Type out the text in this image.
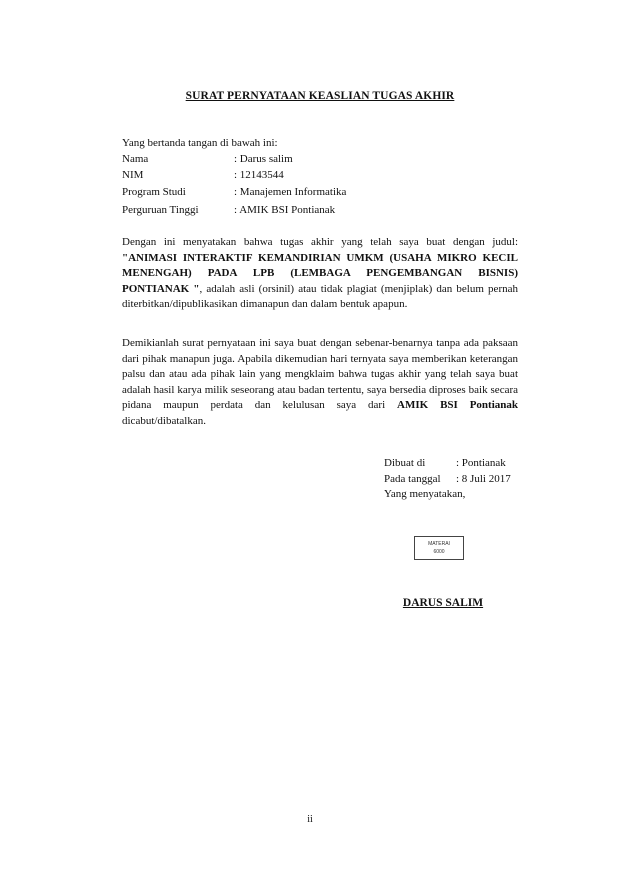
SURAT PERNYATAAN KEASLIAN TUGAS AKHIR
Yang bertanda tangan di bawah ini:
Nama	: Darus salim
NIM	: 12143544
Program Studi	: Manajemen Informatika
Perguruan Tinggi	: AMIK BSI Pontianak
Dengan ini menyatakan bahwa tugas akhir yang telah saya buat dengan judul: "ANIMASI INTERAKTIF KEMANDIRIAN UMKM (USAHA MIKRO KECIL MENENGAH) PADA LPB (LEMBAGA PENGEMBANGAN BISNIS) PONTIANAK ", adalah asli (orsinil) atau tidak plagiat (menjiplak) dan belum pernah diterbitkan/dipublikasikan dimanapun dan dalam bentuk apapun.
Demikianlah surat pernyataan ini saya buat dengan sebenar-benarnya tanpa ada paksaan dari pihak manapun juga. Apabila dikemudian hari ternyata saya memberikan keterangan palsu dan atau ada pihak lain yang mengklaim bahwa tugas akhir yang telah saya buat adalah hasil karya milik seseorang atau badan tertentu, saya bersedia diproses baik secara pidana maupun perdata dan kelulusan saya dari AMIK BSI Pontianak dicabut/dibatalkan.
Dibuat di	: Pontianak
Pada tanggal	: 8 Juli 2017
Yang menyatakan,
MATERAI
6000
DARUS SALIM
ii
